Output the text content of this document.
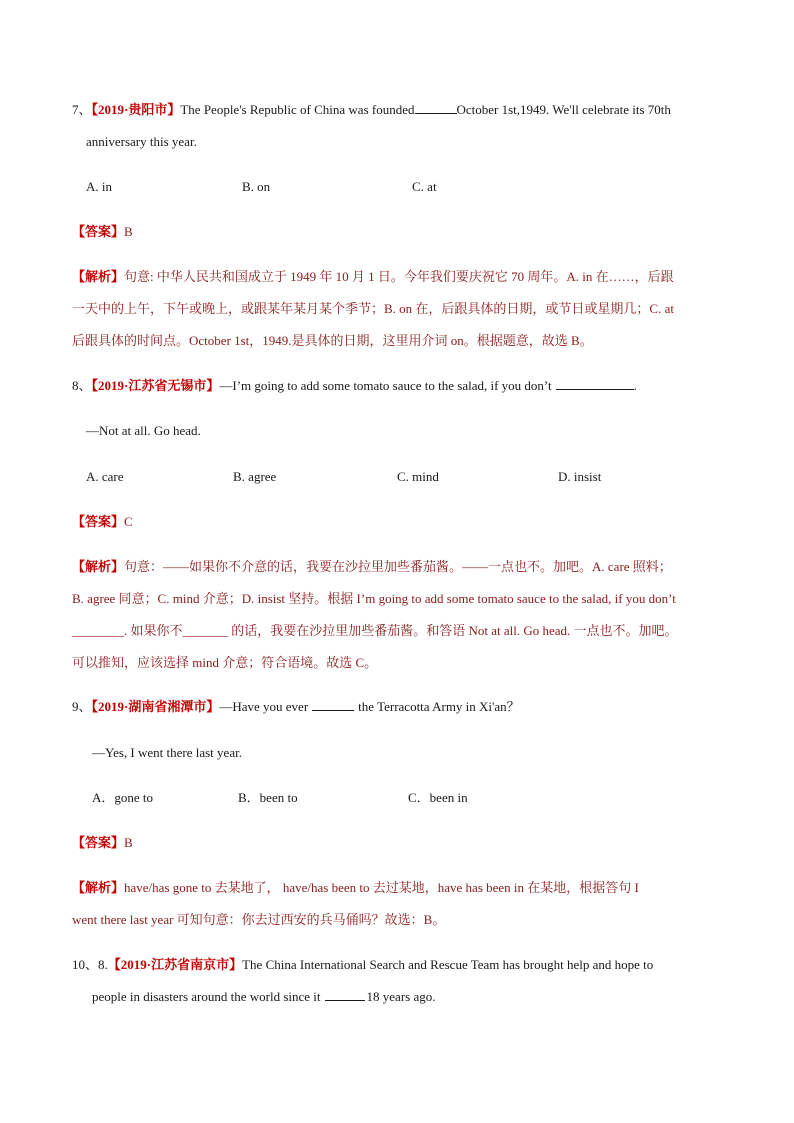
7、【2019·贵阳市】The People's Republic of China was founded	October 1st,1949. We'll celebrate its 70th
anniversary this year.
A. in	B. on	C. at
【答案】B
【解析】句意: 中华人民共和国成立于 1949 年 10 月 1 日。今年我们要庆祝它 70 周年。A. in 在……，后跟
一天中的上午，下午或晚上，或跟某年某月某个季节；B. on 在，后跟具体的日期，或节日或星期几；C. at
后跟具体的时间点。October 1st，1949.是具体的日期，这里用介词 on。根据题意，故选 B。
8、【2019·江苏省无锡市】—I’m going to add some tomato sauce to the salad, if you don’t	.
—Not at all. Go head.
A. care	B. agree	C. mind	D. insist
【答案】C
【解析】句意：——如果你不介意的话，我要在沙拉里加些番茄酱。——一点也不。加吧。A. care 照料；
B. agree 同意；C. mind 介意；D. insist 坚持。根据 I’m going to add some tomato sauce to the salad, if you don’t
________. 如果你不_______ 的话，我要在沙拉里加些番茄酱。和答语 Not at all. Go head. 一点也不。加吧。
可以推知，应该选择 mind 介意；符合语境。故选 C。
9、【2019·湖南省湘潭市】—Have you ever	the Terracotta Army in Xi'an？
—Yes, I went there last year.
A．gone to	B．been to	C．been in
【答案】B
【解析】have/has gone to 去某地了， have/has been to 去过某地，have has been in 在某地，根据答句 I
went there last year 可知句意：你去过西安的兵马俑吗？故选：B。
10、8.【2019·江苏省南京市】The China International Search and Rescue Team has brought help and hope to
people in disasters around the world since it	18 years ago.
